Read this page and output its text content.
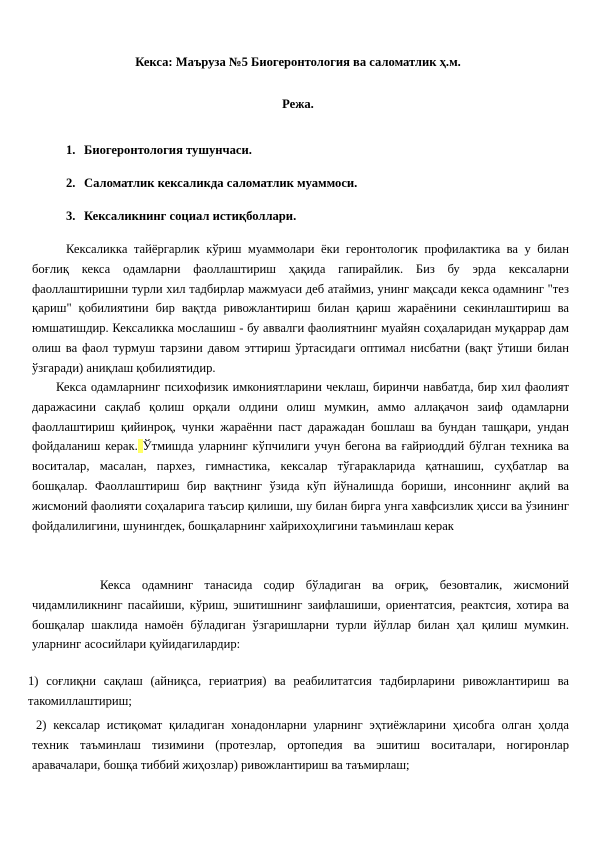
Кекса: Маъруза №5 Биогеронтология ва саломатлик ҳ.м.
Режа.
1. Биогеронтология тушунчаси.
2. Саломатлик кексаликда саломатлик муаммоси.
3. Кексаликнинг социал истиқболлари.

Кексаликка тайёргарлик кўриш муаммолари ёки геронтологик профилактика ва у билан боғлиқ кекса одамларни фаоллаштириш ҳақида гапирайлик. Биз бу эрда кексаларни фаоллаштиришни турли хил тадбирлар мажмуаси деб атаймиз, унинг мақсади кекса одамнинг "тез қариш" қобилиятини бир вақтда ривожлантириш билан қариш жараёнини секинлаштириш ва юмшатишдир. Кексаликка мослашиш - бу аввалги фаолиятнинг муайян соҳаларидан муқаррар дам олиш ва фаол турмуш тарзини давом эттириш ўртасидаги оптимал нисбатни (вақт ўтиши билан ўзгаради) аниқлаш қобилиятидир.

Кекса одамларнинг психофизик имкониятларини чеклаш, биринчи навбатда, бир хил фаолият даражасини сақлаб қолиш орқали олдини олиш мумкин, аммо аллақачон заиф одамларни фаоллаштириш қийинроқ, чунки жараённи паст даражадан бошлаш ва бундан ташқари, ундан фойдаланиш керак. Ўтмишда уларнинг кўпчилиги учун бегона ва ғайриоддий бўлган техника ва воситалар, масалан, пархез, гимнастика, кексалар тўгаракларида қатнашиш, суҳбатлар ва бошқалар. Фаоллаштириш бир вақтнинг ўзида кўп йўналишда бориши, инсоннинг ақлий ва жисмоний фаолияти соҳаларига таъсир қилиши, шу билан бирга унга хавфсизлик ҳисси ва ўзининг фойдалилигини, шунингдек, бошқаларнинг хайрихоҳлигини таъминлаш керак

Кекса одамнинг танасида содир бўладиган ва оғриқ, безовталик, жисмоний чидамлиликнинг пасайиши, кўриш, эшитишнинг заифлашиши, ориентатсия, реактсия, хотира ва бошқалар шаклида намоён бўладиган ўзгаришларни турли йўллар билан ҳал қилиш мумкин. уларнинг асосийлари қуйидагилардир:

1) соғлиқни сақлаш (айниқса, гериатрия) ва реабилитатсия тадбирларини ривожлантириш ва такомиллаштириш;

2) кексалар истиқомат қиладиган хонадонларни уларнинг эҳтиёжларини ҳисобга олган ҳолда техник таъминлаш тизимини (протезлар, ортопедия ва эшитиш воситалари, ногиронлар аравачалари, бошқа тиббий жиҳозлар) ривожлантириш ва таъмирлаш;
